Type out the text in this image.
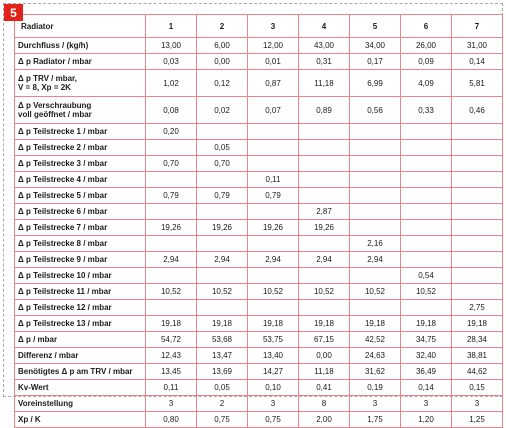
5
Radiator	1	2	3	4	5	6	7

Durchfluss / (kg/h)	13,00	6,00	12,00	43,00	34,00	26,00	31,00

Δ p Radiator / mbar	0,03	0,00	0,01	0,31	0,17	0,09	0,14

Δ p TRV / mbar,
V = 8, Xp = 2K	1,02	0,12	0,87	11,18	6,99	4,09	5,81

Δ p Verschraubung
voll geöffnet / mbar	0,08	0,02	0,07	0,89	0,56	0,33	0,46

Δ p Teilstrecke 1 / mbar	0,20						

Δ p Teilstrecke 2 / mbar		0,05					

Δ p Teilstrecke 3 / mbar	0,70	0,70					

Δ p Teilstrecke 4 / mbar			0,11				

Δ p Teilstrecke 5 / mbar	0,79	0,79	0,79				

Δ p Teilstrecke 6 / mbar				2,87			

Δ p Teilstrecke 7 / mbar	19,26	19,26	19,26	19,26			

Δ p Teilstrecke 8 / mbar					2,16		

Δ p Teilstrecke 9 / mbar	2,94	2,94	2,94	2,94	2,94		

Δ p Teilstrecke 10 / mbar						0,54	

Δ p Teilstrecke 11 / mbar	10,52	10,52	10,52	10,52	10,52	10,52	

Δ p Teilstrecke 12 / mbar							2,75

Δ p Teilstrecke 13 / mbar	19,18	19,18	19,18	19,18	19,18	19,18	19,18

Δ p / mbar	54,72	53,68	53,75	67,15	42,52	34,75	28,34

Differenz / mbar	12,43	13,47	13,40	0,00	24,63	32,40	38,81

Benötigtes Δ p am TRV / mbar	13,45	13,69	14,27	11,18	31,62	36,49	44,62

Kv-Wert	0,11	0,05	0,10	0,41	0,19	0,14	0,15

Voreinstellung	3	2	3	8	3	3	3

Xp / K	0,80	0,75	0,75	2,00	1,75	1,20	1,25
